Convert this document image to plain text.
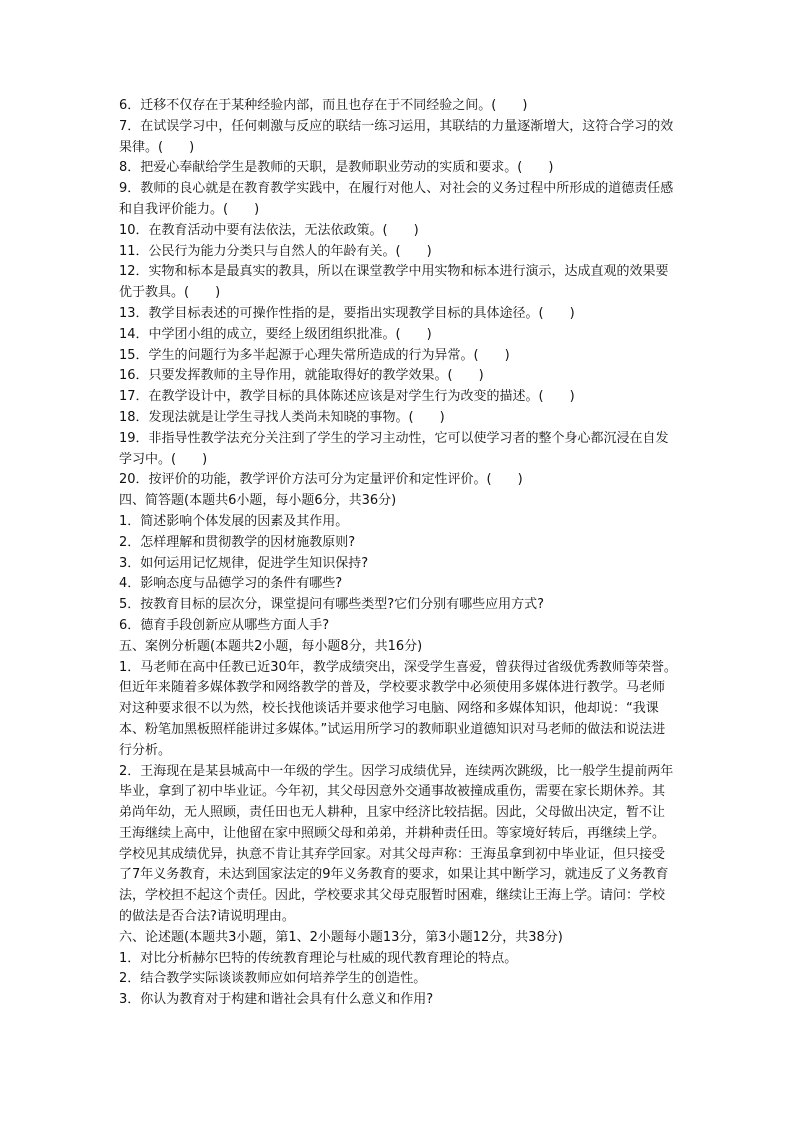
6．迁移不仅存在于某种经验内部，而且也存在于不同经验之间。(　　)

7．在试误学习中，任何刺激与反应的联结一练习运用，其联结的力量逐渐增大，这符合学习的效果律。(　　)

8．把爱心奉献给学生是教师的天职，是教师职业劳动的实质和要求。(　　)

9．教师的良心就是在教育教学实践中，在履行对他人、对社会的义务过程中所形成的道德责任感和自我评价能力。(　　)

10．在教育活动中要有法依法，无法依政策。(　　)

11．公民行为能力分类只与自然人的年龄有关。(　　)

12．实物和标本是最真实的教具，所以在课堂教学中用实物和标本进行演示，达成直观的效果要优于教具。(　　)

13．教学目标表述的可操作性指的是，要指出实现教学目标的具体途径。(　　)

14．中学团小组的成立，要经上级团组织批准。(　　)

15．学生的问题行为多半起源于心理失常所造成的行为异常。(　　)

16．只要发挥教师的主导作用，就能取得好的教学效果。(　　)

17．在教学设计中，教学目标的具体陈述应该是对学生行为改变的描述。(　　)

18．发现法就是让学生寻找人类尚未知晓的事物。(　　)

19．非指导性教学法充分关注到了学生的学习主动性，它可以使学习者的整个身心都沉浸在自发学习中。(　　)

20．按评价的功能，教学评价方法可分为定量评价和定性评价。(　　)

四、简答题(本题共6小题，每小题6分，共36分)

1．简述影响个体发展的因素及其作用。

2．怎样理解和贯彻教学的因材施教原则?

3．如何运用记忆规律，促进学生知识保持?

4．影响态度与品德学习的条件有哪些?

5．按教育目标的层次分，课堂提问有哪些类型?它们分别有哪些应用方式?

6．德育手段创新应从哪些方面人手?

五、案例分析题(本题共2小题，每小题8分，共16分)

1．马老师在高中任教已近30年，教学成绩突出，深受学生喜爱，曾获得过省级优秀教师等荣誉。但近年来随着多媒体教学和网络教学的普及，学校要求教学中必须使用多媒体进行教学。马老师对这种要求很不以为然，校长找他谈话并要求他学习电脑、网络和多媒体知识，他却说：“我课本、粉笔加黑板照样能讲过多媒体。”试运用所学习的教师职业道德知识对马老师的做法和说法进行分析。

2．王海现在是某县城高中一年级的学生。因学习成绩优异，连续两次跳级，比一般学生提前两年毕业，拿到了初中毕业证。今年初，其父母因意外交通事故被撞成重伤，需要在家长期休养。其弟尚年幼，无人照顾，责任田也无人耕种，且家中经济比较拮据。因此，父母做出决定，暂不让王海继续上高中，让他留在家中照顾父母和弟弟，并耕种责任田。等家境好转后，再继续上学。学校见其成绩优异，执意不肯让其弃学回家。对其父母声称：王海虽拿到初中毕业证，但只接受了7年义务教育，未达到国家法定的9年义务教育的要求，如果让其中断学习，就违反了义务教育法，学校担不起这个责任。因此，学校要求其父母克服暂时困难，继续让王海上学。请问：学校的做法是否合法?请说明理由。

六、论述题(本题共3小题，第1、2小题每小题13分，第3小题12分，共38分)

1．对比分析赫尔巴特的传统教育理论与杜威的现代教育理论的特点。

2．结合教学实际谈谈教师应如何培养学生的创造性。

3．你认为教育对于构建和谐社会具有什么意义和作用?
